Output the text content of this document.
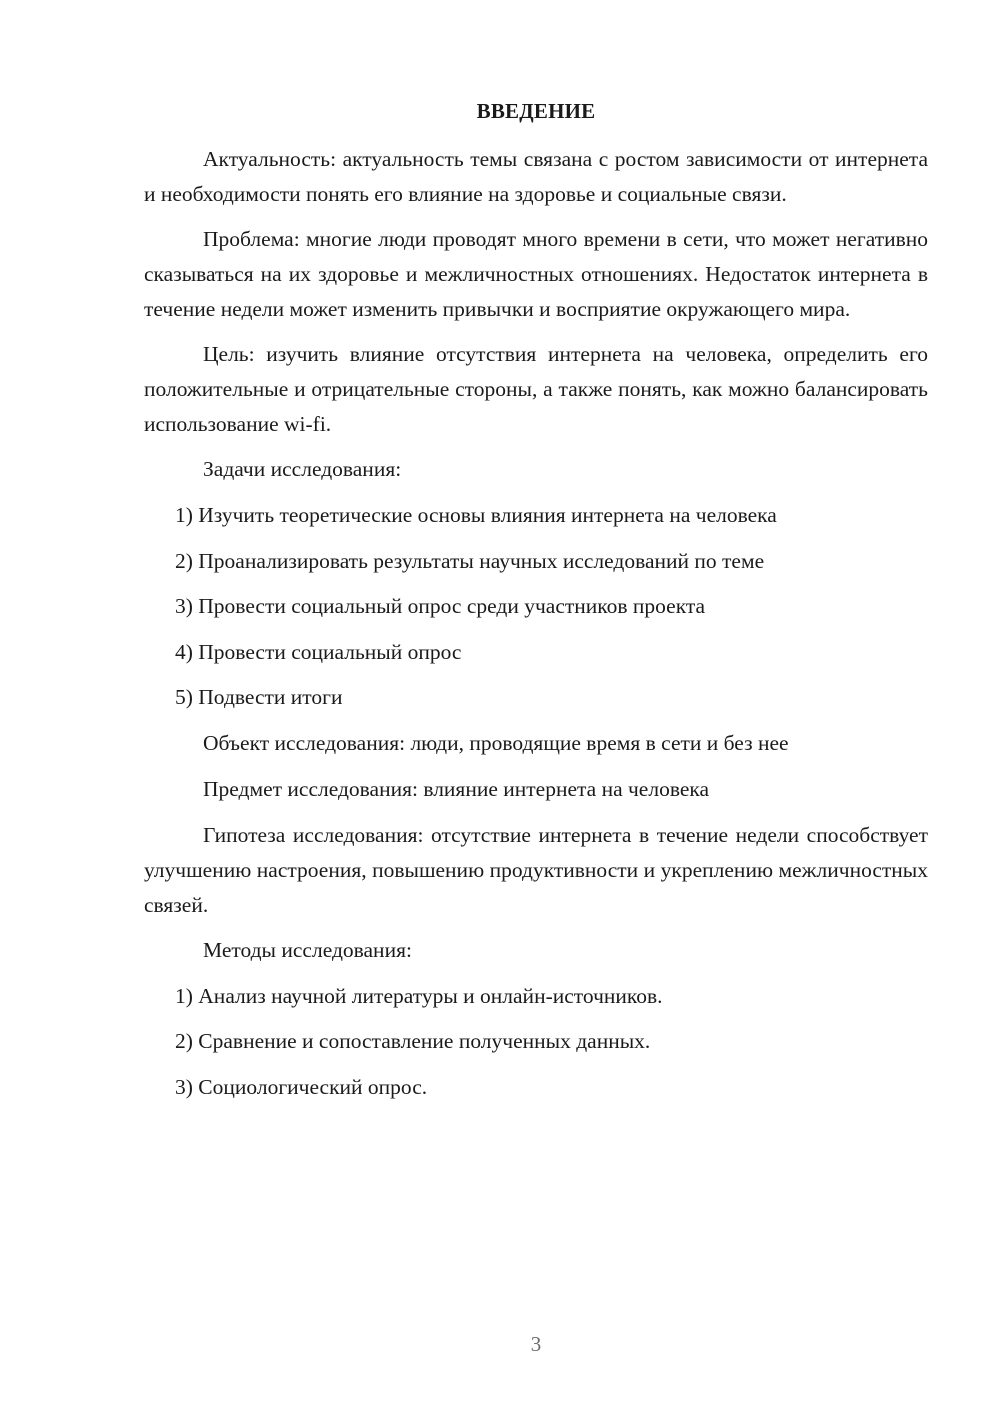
ВВЕДЕНИЕ

Актуальность: актуальность темы связана с ростом зависимости от интернета и необходимости понять его влияние на здоровье и социальные связи.

Проблема: многие люди проводят много времени в сети, что может негативно сказываться на их здоровье и межличностных отношениях. Недостаток интернета в течение недели может изменить привычки и восприятие окружающего мира.

Цель: изучить влияние отсутствия интернета на человека, определить его положительные и отрицательные стороны, а также понять, как можно балансировать использование wi-fi.

Задачи исследования:
1) Изучить теоретические основы влияния интернета на человека
2) Проанализировать результаты научных исследований по теме
3) Провести социальный опрос среди участников проекта
4) Провести социальный опрос
5) Подвести итоги
Объект исследования: люди, проводящие время в сети и без нее
Предмет исследования: влияние интернета на человека

Гипотеза исследования: отсутствие интернета в течение недели способствует улучшению настроения, повышению продуктивности и укреплению межличностных связей.

Методы исследования:
1) Анализ научной литературы и онлайн-источников.
2) Сравнение и сопоставление полученных данных.
3) Социологический опрос.
3
